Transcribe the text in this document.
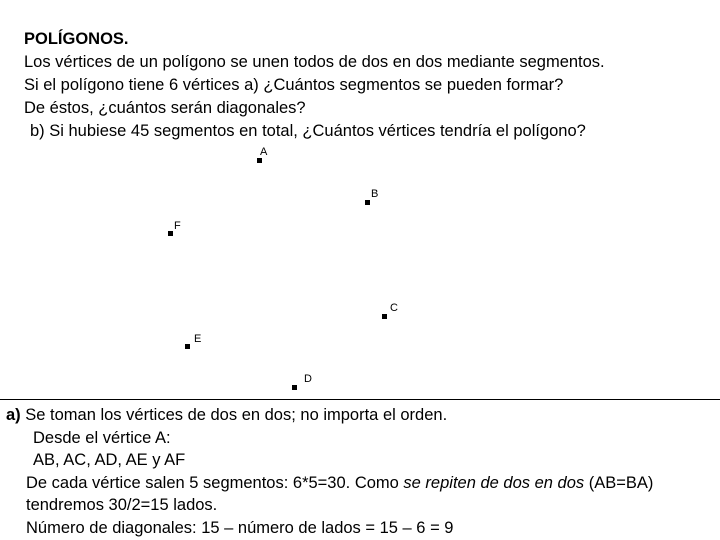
POLÍGONOS.
Los vértices de un polígono se unen todos de dos en dos mediante segmentos.
Si el polígono tiene 6 vértices a) ¿Cuántos segmentos se pueden formar?
De éstos, ¿cuántos serán diagonales?
b) Si hubiese 45 segmentos en total, ¿Cuántos vértices tendría el polígono?
A
B
C
D
E
F
a) Se toman los vértices de dos en dos; no importa el orden.
Desde el vértice A:
AB, AC, AD, AE y AF
De cada vértice salen 5 segmentos: 6*5=30. Como se repiten de dos en dos (AB=BA)
tendremos 30/2=15 lados.
Número de diagonales: 15 – número de lados = 15 – 6 = 9
